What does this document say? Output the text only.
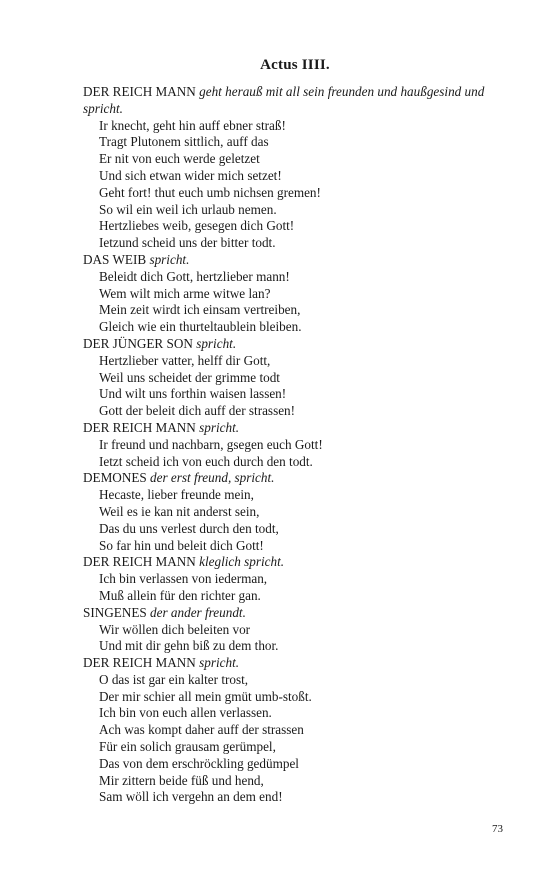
Actus IIII.
DER REICH MANN geht herauß mit all sein freunden und haußgesind und spricht.
Ir knecht, geht hin auff ebner straß!
Tragt Plutonem sittlich, auff das
Er nit von euch werde geletzet
Und sich etwan wider mich setzet!
Geht fort! thut euch umb nichsen gremen!
So wil ein weil ich urlaub nemen.
Hertzliebes weib, gesegen dich Gott!
Ietzund scheid uns der bitter todt.
DAS WEIB spricht.
Beleidt dich Gott, hertzlieber mann!
Wem wilt mich arme witwe lan?
Mein zeit wirdt ich einsam vertreiben,
Gleich wie ein thurteltaublein bleiben.
DER JÜNGER SON spricht.
Hertzlieber vatter, helff dir Gott,
Weil uns scheidet der grimme todt
Und wilt uns forthin waisen lassen!
Gott der beleit dich auff der strassen!
DER REICH MANN spricht.
Ir freund und nachbarn, gsegen euch Gott!
Ietzt scheid ich von euch durch den todt.
DEMONES der erst freund, spricht.
Hecaste, lieber freunde mein,
Weil es ie kan nit anderst sein,
Das du uns verlest durch den todt,
So far hin und beleit dich Gott!
DER REICH MANN kleglich spricht.
Ich bin verlassen von iederman,
Muß allein für den richter gan.
SINGENES der ander freundt.
Wir wöllen dich beleiten vor
Und mit dir gehn biß zu dem thor.
DER REICH MANN spricht.
O das ist gar ein kalter trost,
Der mir schier all mein gmüt umb-stoßt.
Ich bin von euch allen verlassen.
Ach was kompt daher auff der strassen
Für ein solich grausam gerümpel,
Das von dem erschröckling gedümpel
Mir zittern beide füß und hend,
Sam wöll ich vergehn an dem end!
73
